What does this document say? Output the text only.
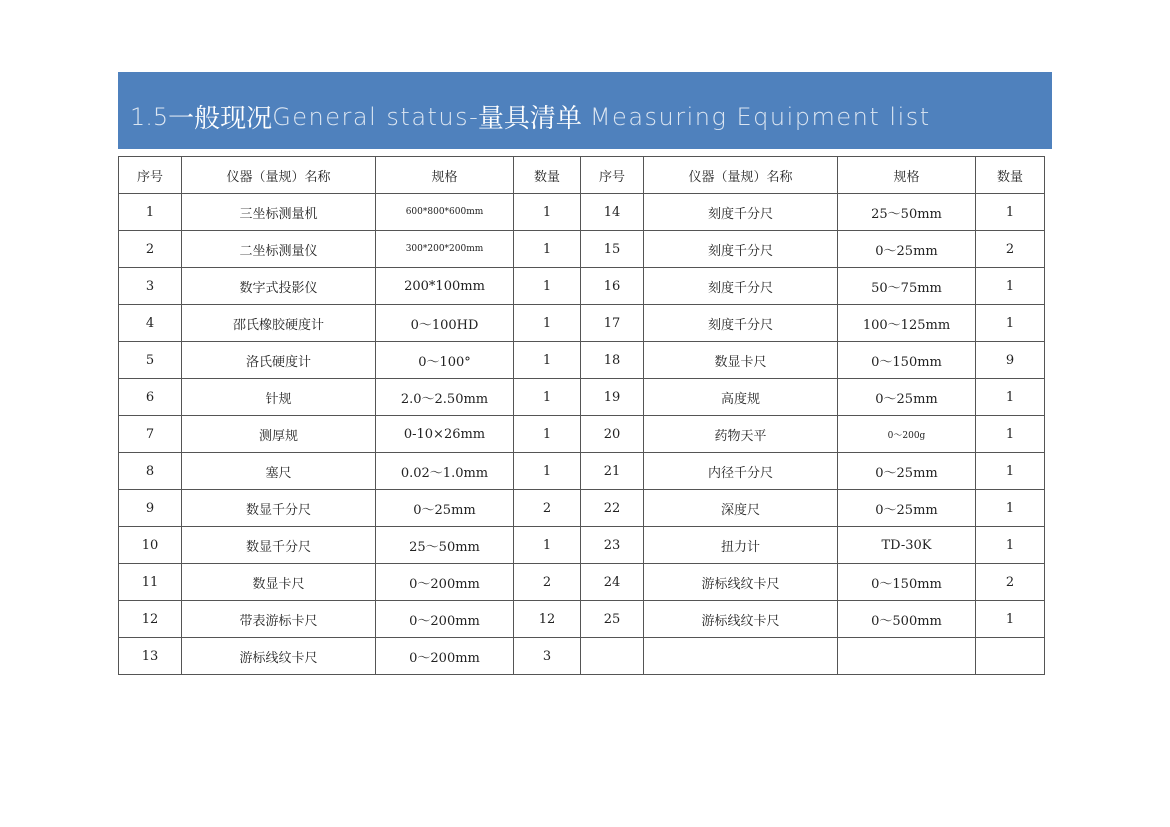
1.5 一般现况 General status - 量具清单 Measuring Equipment list
序号	仪器（量规）名称	规格	数量	序号	仪器（量规）名称	规格	数量
1	三坐标测量机	600*800*600mm	1	14	刻度千分尺	25～50mm	1
2	二坐标测量仪	300*200*200mm	1	15	刻度千分尺	0～25mm	2
3	数字式投影仪	200*100mm	1	16	刻度千分尺	50～75mm	1
4	邵氏橡胶硬度计	0～100HD	1	17	刻度千分尺	100～125mm	1
5	洛氏硬度计	0～100°	1	18	数显卡尺	0～150mm	9
6	针规	2.0～2.50mm	1	19	高度规	0～25mm	1
7	测厚规	0-10×26mm	1	20	药物天平	0～200g	1
8	塞尺	0.02～1.0mm	1	21	内径千分尺	0～25mm	1
9	数显千分尺	0～25mm	2	22	深度尺	0～25mm	1
10	数显千分尺	25～50mm	1	23	扭力计	TD-30K	1
11	数显卡尺	0～200mm	2	24	游标线纹卡尺	0～150mm	2
12	带表游标卡尺	0～200mm	12	25	游标线纹卡尺	0～500mm	1
13	游标线纹卡尺	0～200mm	3				
